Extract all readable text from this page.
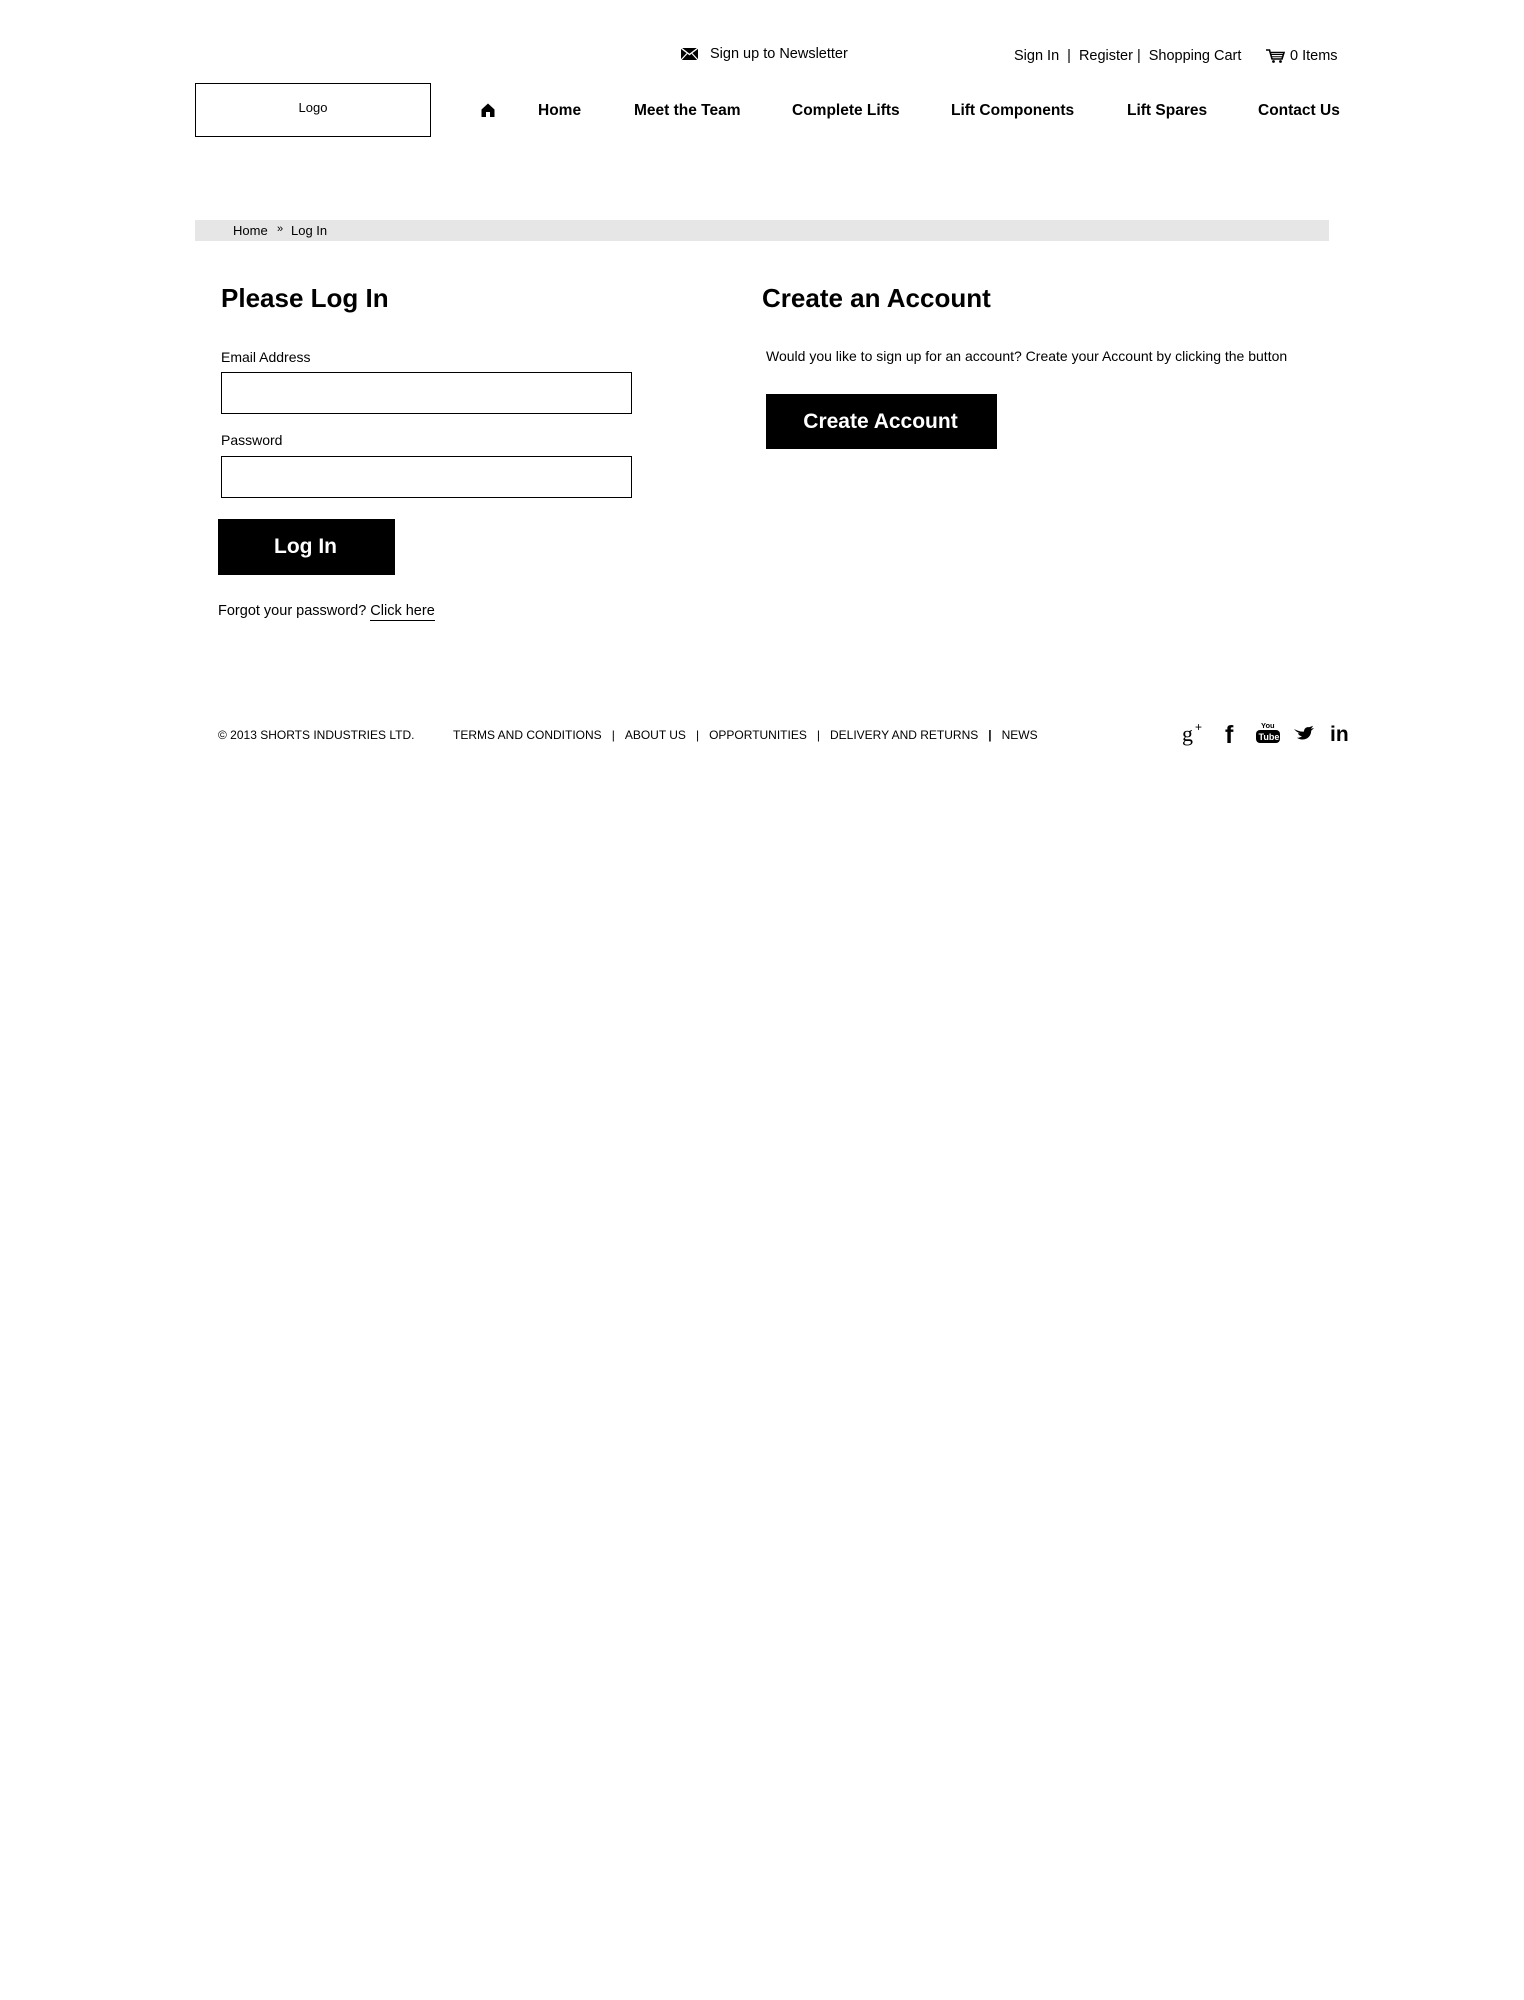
Sign up to Newsletter	Sign In | Register | Shopping Cart	0 Items
Logo	Home	Meet the Team	Complete Lifts	Lift Components	Lift Spares	Contact Us
Home » Log In
Please Log In
Email Address
Password
Log In
Forgot your password? Click here
Create an Account
Would you like to sign up for an account? Create your Account by clicking the button
Create Account
© 2013 SHORTS INDUSTRIES LTD.	TERMS AND CONDITIONS | ABOUT US | OPPORTUNITIES | DELIVERY AND RETURNS | NEWS	g + f	You
Tube in
